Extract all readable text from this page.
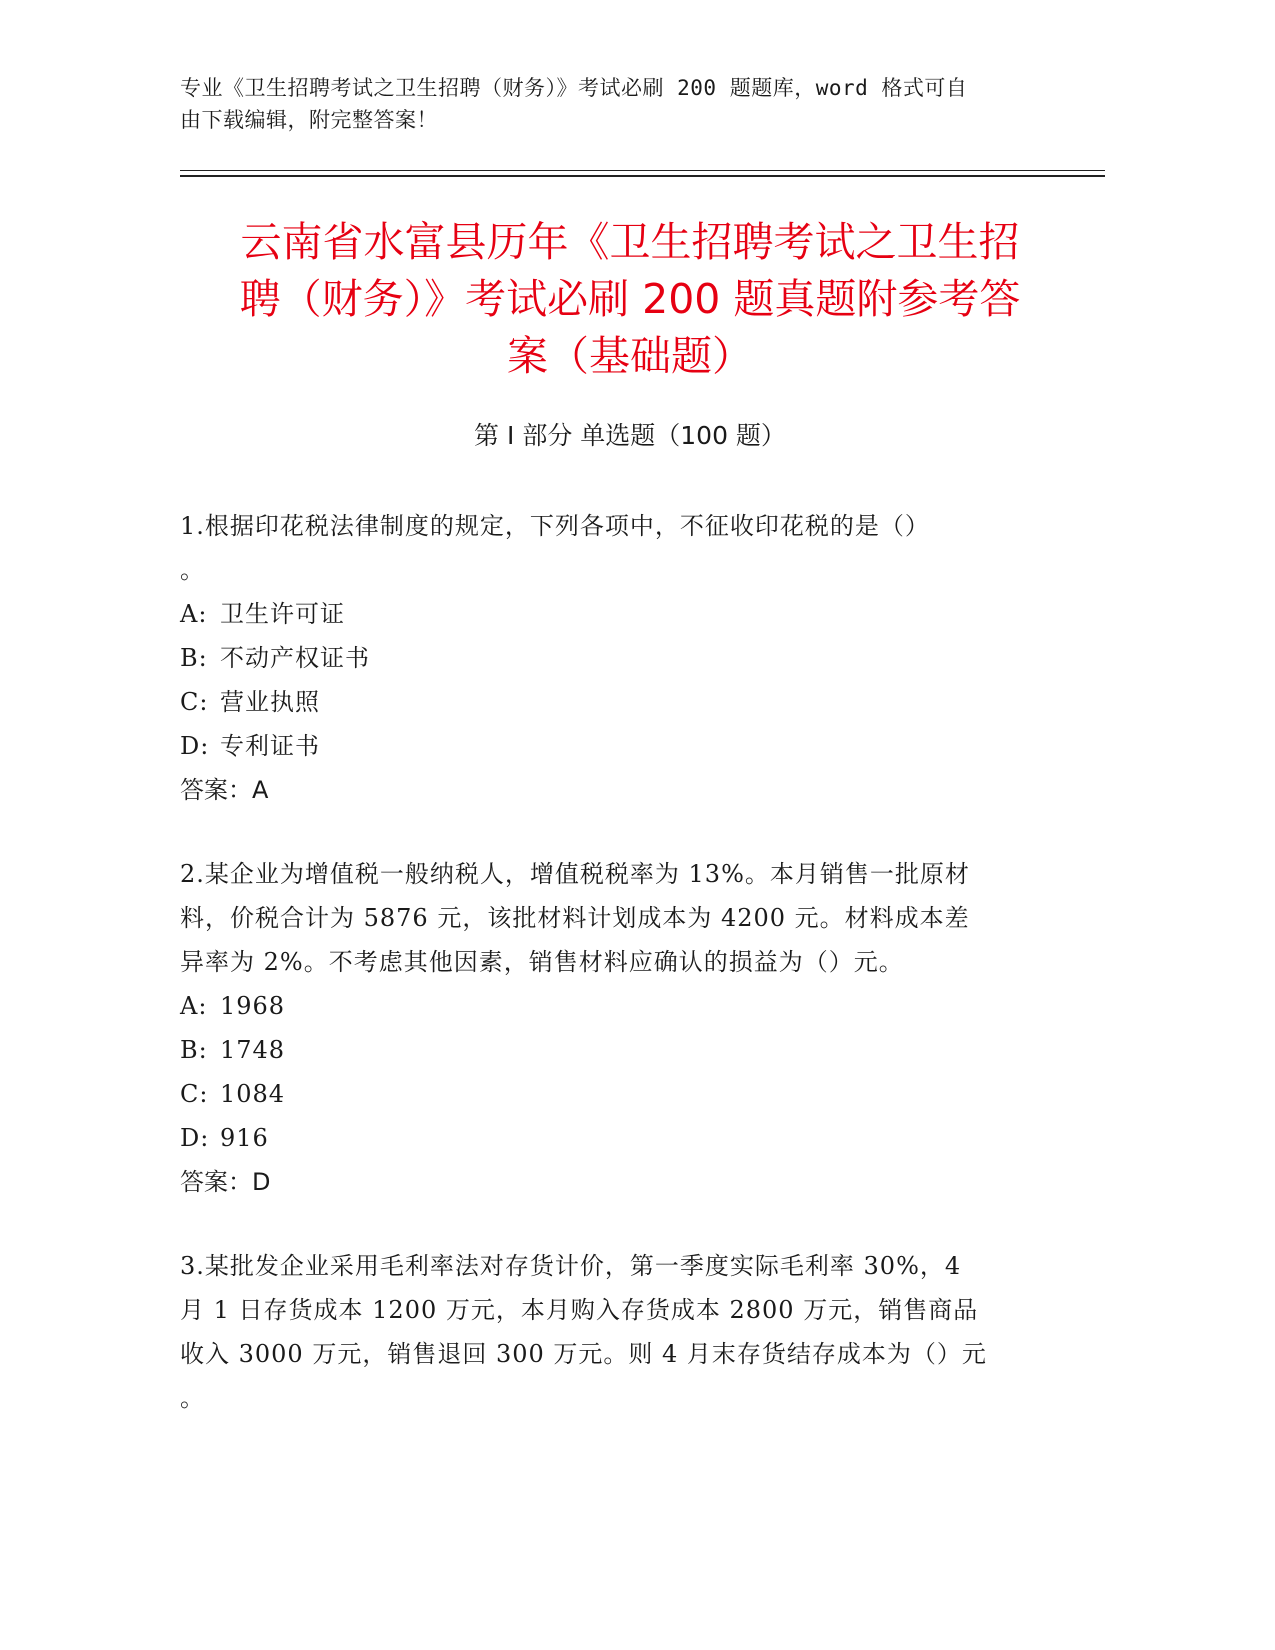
专业《卫生招聘考试之卫生招聘（财务）》考试必刷 200 题题库，word 格式可自
由下载编辑，附完整答案！
云南省水富县历年《卫生招聘考试之卫生招
聘（财务）》考试必刷 200 题真题附参考答
案（基础题）
第 I 部分 单选题（100 题）
1.根据印花税法律制度的规定，下列各项中，不征收印花税的是（）
。
A: 卫生许可证
B: 不动产权证书
C: 营业执照
D: 专利证书
答案：A
2.某企业为增值税一般纳税人，增值税税率为 13%。本月销售一批原材
料，价税合计为 5876 元，该批材料计划成本为 4200 元。材料成本差
异率为 2%。不考虑其他因素，销售材料应确认的损益为（）元。
A: 1968
B: 1748
C: 1084
D: 916
答案：D
3.某批发企业采用毛利率法对存货计价，第一季度实际毛利率 30%，4
月 1 日存货成本 1200 万元，本月购入存货成本 2800 万元，销售商品
收入 3000 万元，销售退回 300 万元。则 4 月末存货结存成本为（）元
。
